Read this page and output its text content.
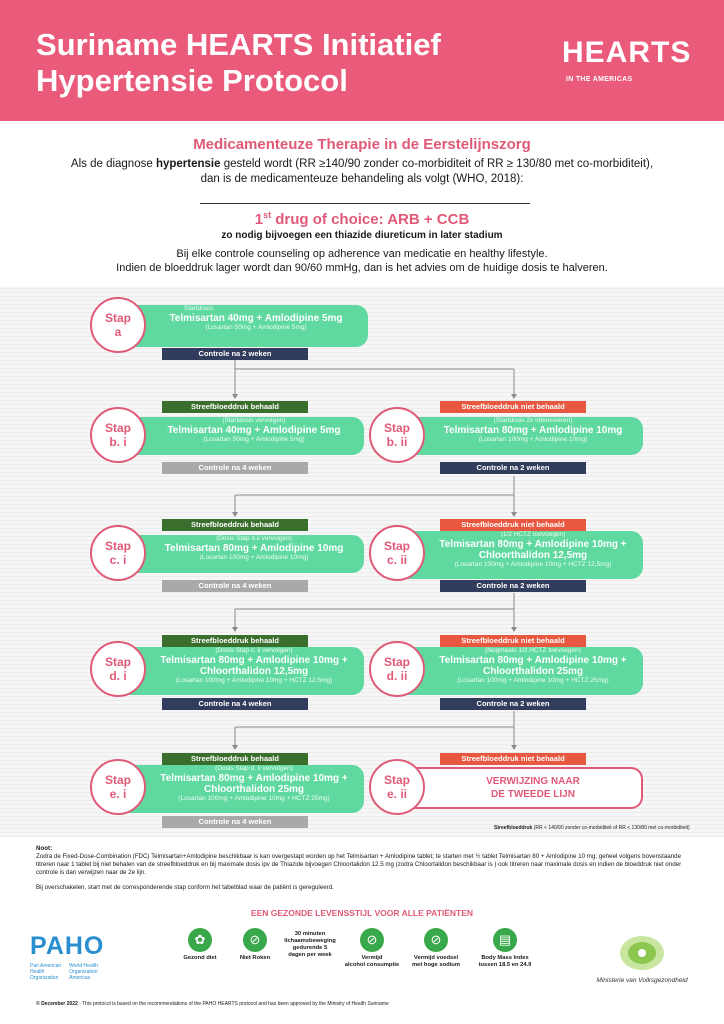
Suriname HEARTS Initiatief
Hypertensie Protocol
HEARTS
IN THE AMERICAS
Medicamenteuze Therapie in de Eerstelijnszorg

Als de diagnose hypertensie gesteld wordt (RR ≥140/90 zonder co-morbiditeit of RR ≥ 130/80 met co-morbiditeit),
dan is de medicamenteuze behandeling als volgt (WHO, 2018):

1st drug of choice: ARB + CCB
zo nodig bijvoegen een thiazide diureticum in later stadium
Bij elke controle counseling op adherence van medicatie en healthy lifestyle.
Indien de bloeddruk lager wordt dan 90/60 mmHg, dan is het advies om de huidige dosis te halveren.
Stap
a
Startdosis:
Telmisartan 40mg + Amlodipine 5mg
(Losartan 50mg + Amlodipine 5mg)
Controle na 2 weken
Streefbloeddruk behaald
Stap
b. i
(Startdosis vervolgen)
Telmisartan 40mg + Amlodipine 5mg
(Losartan 50mg + Amlodipine 5mg)
Controle na 4 weken
Streefbloeddruk niet behaald
Stap
b. ii
(Startdosis 2x intensiveren)
Telmisartan 80mg + Amlodipine 10mg
(Losartan 100mg + Amlodipine 10mg)
Controle na 2 weken
Streefbloeddruk behaald
Stap
c. i
(Dosis Stap b.ii vervolgen)
Telmisartan 80mg + Amlodipine 10mg
(Losartan 100mg + Amlodipine 10mg)
Controle na 4 weken
Streefbloeddruk niet behaald
Stap
c. ii
(1/2 HCTZ toevoegen)
Telmisartan 80mg + Amlodipine 10mg +
Chloorthalidon 12,5mg
(Losartan 100mg + Amlodipine 10mg + HCTZ 12,5mg)
Controle na 2 weken
Streefbloeddruk behaald
Stap
d. i
(Dosis Stap c. ii vervolgen)
Telmisartan 80mg + Amlodipine 10mg +
Chloorthalidon 12,5mg
(Losartan 100mg + Amlodipine 10mg + HCTZ 12,5mg)
Controle na 4 weken
Streefbloeddruk niet behaald
Stap
d. ii
(Nogmaals 1/2 HCTZ toevoegen)
Telmisartan 80mg + Amlodipine 10mg +
Chloorthalidon 25mg
(Losartan 100mg + Amlodipine 10mg + HCTZ 25mg)
Controle na 2 weken
Streefbloeddruk behaald
Stap
e. i
(Dosis Stap d. ii vervolgen)
Telmisartan 80mg + Amlodipine 10mg +
Chloorthalidon 25mg
(Losartan 100mg + Amlodipine 10mg + HCTZ 25mg)
Controle na 4 weken
Streefbloeddruk niet behaald
Stap
e. ii
VERWIJZING NAAR
DE TWEEDE LIJN
Streefbloeddruk (RR < 140/90 zonder co-morbiditeit of RR < 130/80 met co-morbiditeit)
Noot:
Zodra de Fixed-Dose-Combination (FDC) Telmisartan+Amlodipine beschikbaar is kan overgestapt worden op het Telmisartan + Amlodipine tablet; te starten met ½ tablet Telmisartan 80 + Amlodipine 10 mg; geheel volgens bovenstaande titreren naar 1 tablet bij niet behalen van de streefbloeddruk en bij maximale dosis ipv de Thiazide bijvoegen Chloortalidon 12.5 mg (zodra Chloortalidon beschikbaar is ) ook titreren naar maximale dosis en indien de bloeddruk niet onder controle is dan verwijzen naar de 2e lijn.
Bij overschakelen, start met de corresponderende stap conform het tabelblad waar de patiënt is gereguleerd.
EEN GEZONDE LEVENSSTIJL VOOR ALLE PATIËNTEN
PAHO
Pan American
Health
Organization
World Health
Organization
Americas
✿
Gezond diet
⊘
Niet Roken
30 minuten
lichaamsbeweging
gedurende 5
dagen per week
⊘
Vermijd
alcohol consumptie
⊘
Vermijd voedsel
met hoge sodium
▤
Body Mass Index
tussen 18.5 en 24.9
Ministerie van Volksgezondheid
© December 2022 - This protocol is based on the recommendations of the PAHO HEARTS protocol and has been approved by the Ministry of Health Suriname
